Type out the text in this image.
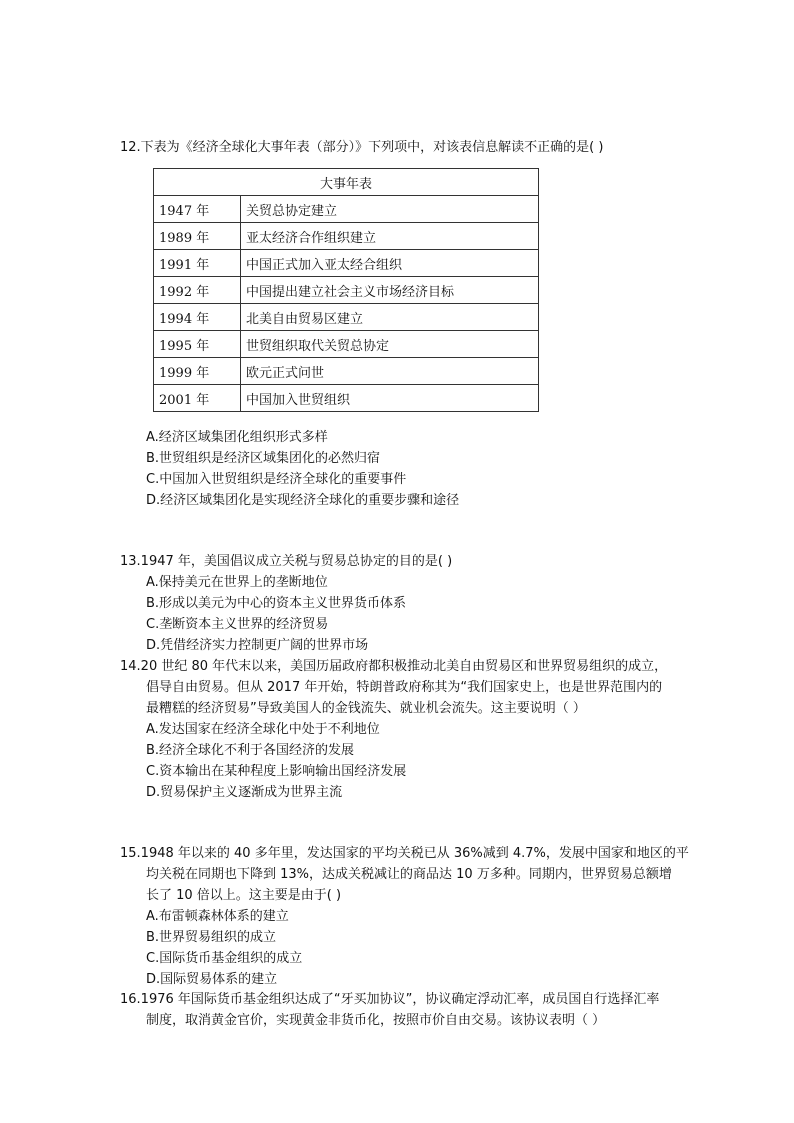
12.下表为《经济全球化大事年表（部分）》下列项中，对该表信息解读不正确的是( )

大事年表	
1947 年	关贸总协定建立
1989 年	亚太经济合作组织建立
1991 年	中国正式加入亚太经合组织
1992 年	中国提出建立社会主义市场经济目标
1994 年	北美自由贸易区建立
1995 年	世贸组织取代关贸总协定
1999 年	欧元正式问世
2001 年	中国加入世贸组织

A.经济区域集团化组织形式多样

B.世贸组织是经济区域集团化的必然归宿

C.中国加入世贸组织是经济全球化的重要事件

D.经济区域集团化是实现经济全球化的重要步骤和途径

13.1947 年，美国倡议成立关税与贸易总协定的目的是( )

A.保持美元在世界上的垄断地位

B.形成以美元为中心的资本主义世界货币体系

C.垄断资本主义世界的经济贸易

D.凭借经济实力控制更广阔的世界市场

14.20 世纪 80 年代末以来，美国历届政府都积极推动北美自由贸易区和世界贸易组织的成立，

倡导自由贸易。但从 2017 年开始，特朗普政府称其为“我们国家史上，也是世界范围内的

最糟糕的经济贸易”导致美国人的金钱流失、就业机会流失。这主要说明（ ）

A.发达国家在经济全球化中处于不利地位

B.经济全球化不利于各国经济的发展

C.资本输出在某种程度上影响输出国经济发展

D.贸易保护主义逐渐成为世界主流

15.1948 年以来的 40 多年里，发达国家的平均关税已从 36%减到 4.7%，发展中国家和地区的平

均关税在同期也下降到 13%，达成关税减让的商品达 10 万多种。同期内，世界贸易总额增

长了 10 倍以上。这主要是由于( )

A.布雷顿森林体系的建立

B.世界贸易组织的成立

C.国际货币基金组织的成立

D.国际贸易体系的建立

16.1976 年国际货币基金组织达成了“牙买加协议”，协议确定浮动汇率，成员国自行选择汇率

制度，取消黄金官价，实现黄金非货币化，按照市价自由交易。该协议表明（ ）
